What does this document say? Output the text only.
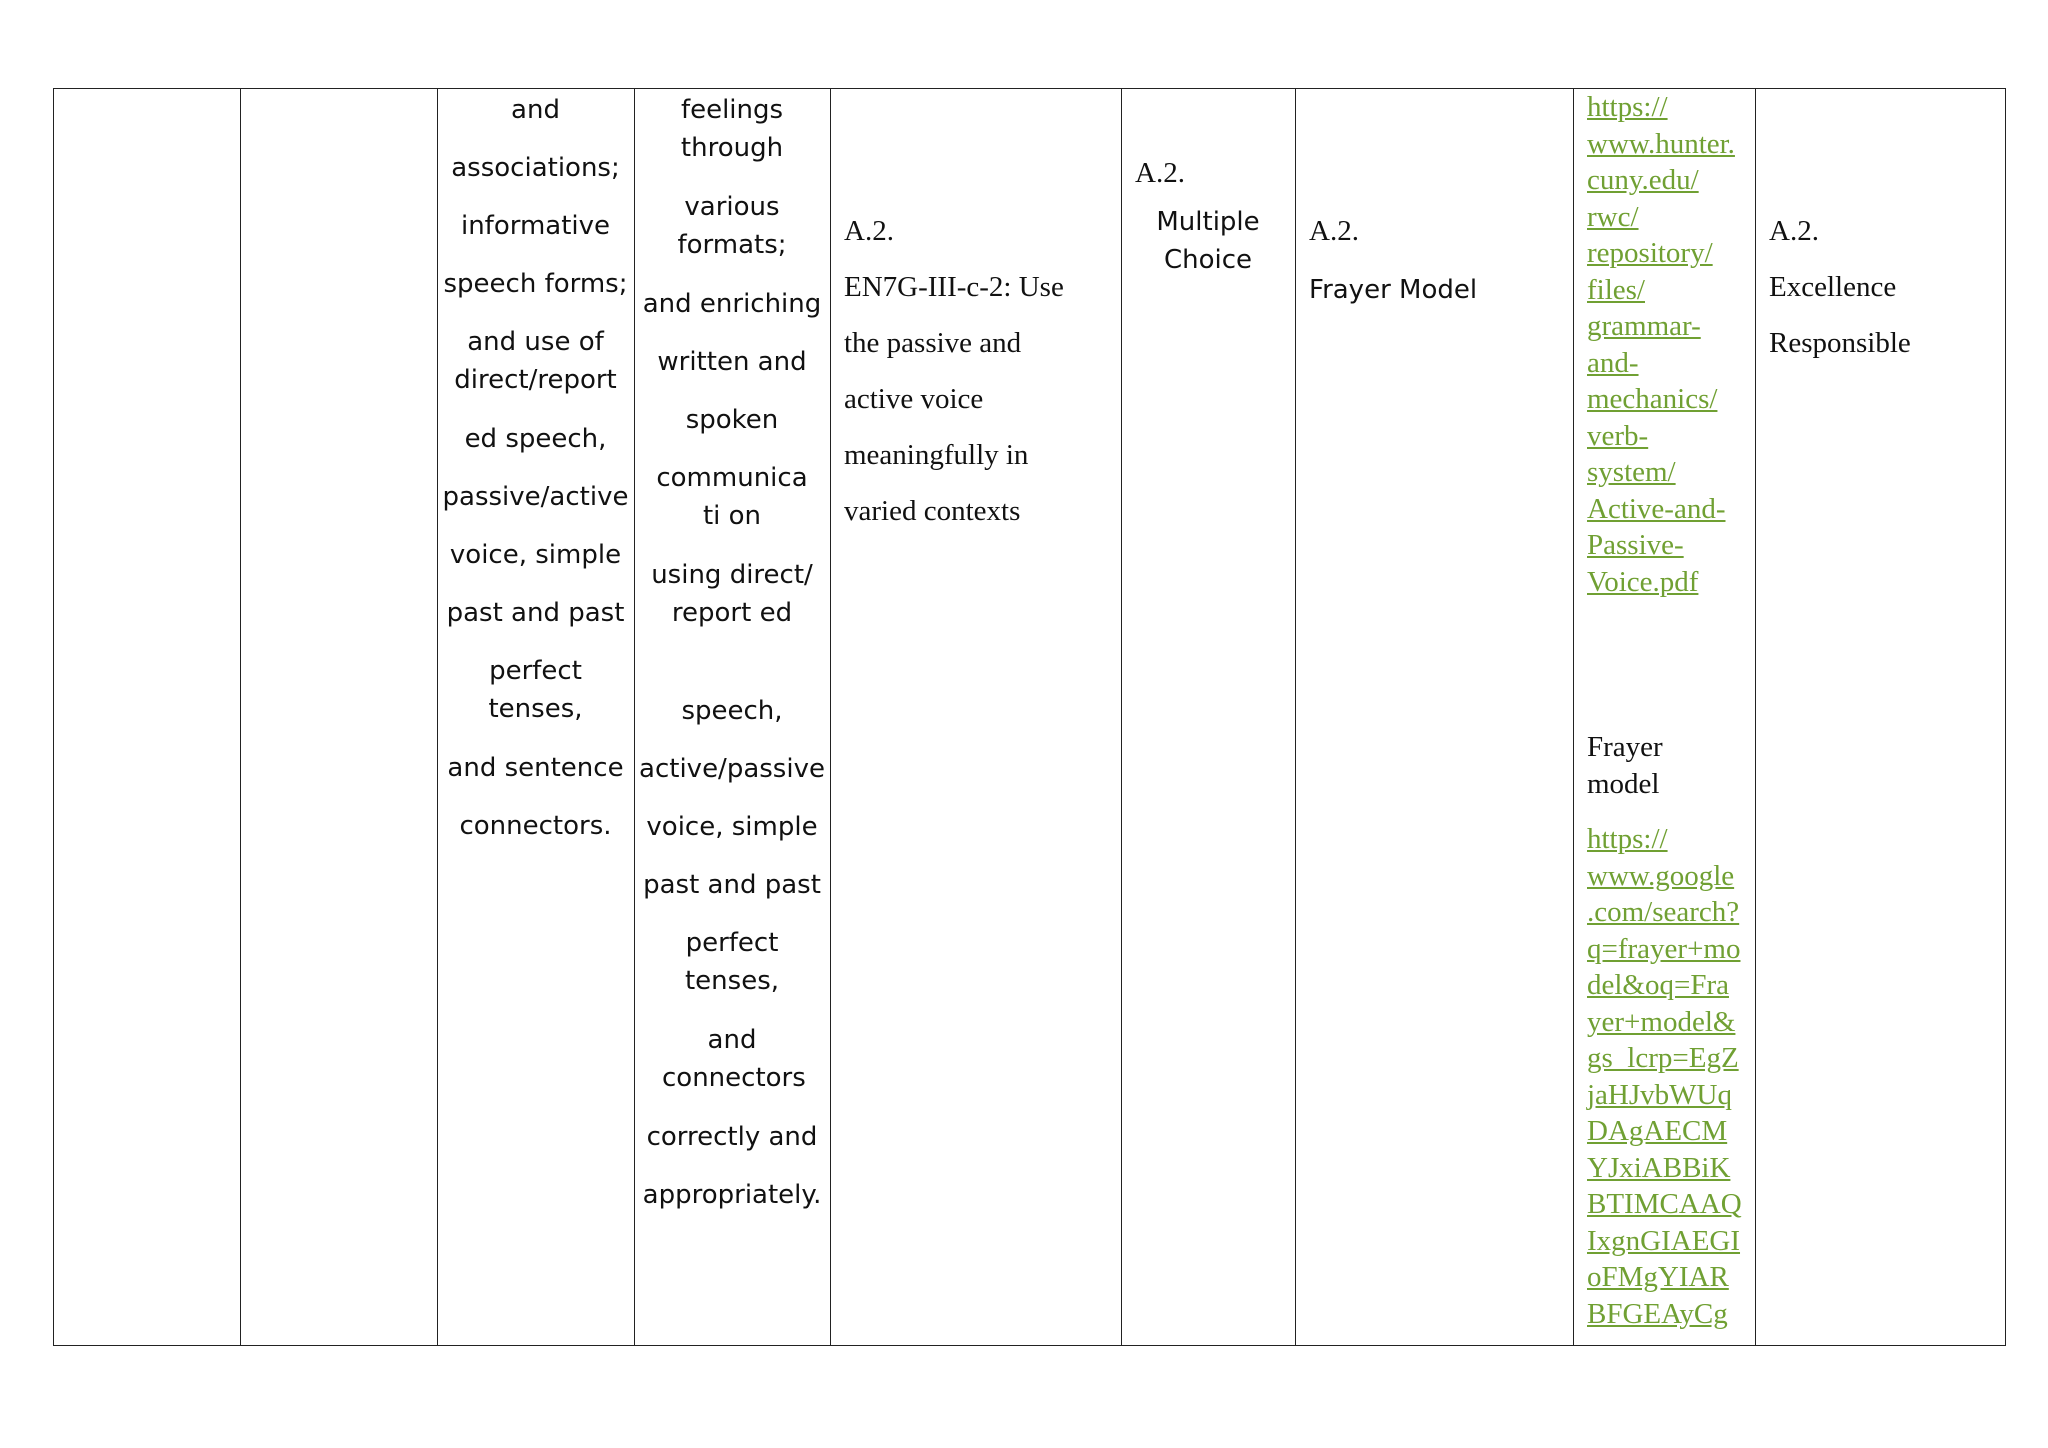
and
associations;
informative
speech forms;
and use of direct/report
ed speech,
passive/active
voice, simple
past and past
perfect tenses,
and sentence
connectors.
feelings through
various formats;
and enriching
written and
spoken
communicati on
using direct/report ed
speech,
active/passive
voice, simple
past and past
perfect tenses,
and connectors
correctly and
appropriately.
A.2.
EN7G-III-c-2: Use
the passive and
active voice
meaningfully in
varied contexts
A.2.
Multiple
Choice
A.2.
Frayer Model
https://
www.hunter.
cuny.edu/
rwc/
repository/
files/
grammar-
and-
mechanics/
verb-
system/
Active-and-
Passive-
Voice.pdf
Frayer
model
https://
www.google
.com/search?
q=frayer+mo
del&oq=Fra
yer+model&
gs_lcrp=EgZ
jaHJvbWUq
DAgAECM
YJxiABBiK
BTIMCAAQ
IxgnGIAEGI
oFMgYIAR
BFGEAyCg
A.2.
Excellence
Responsible
